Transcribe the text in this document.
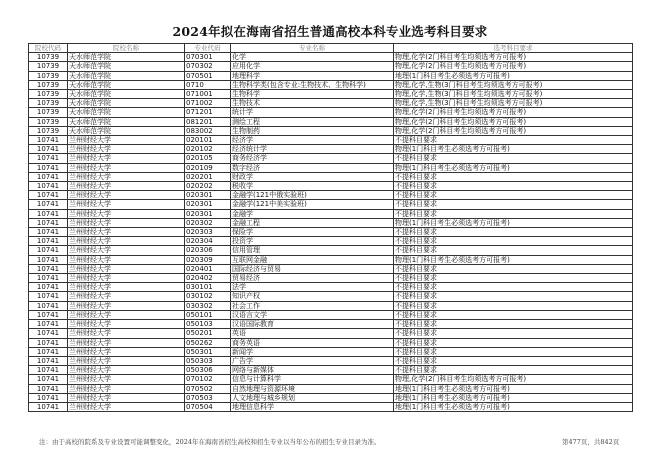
2024年拟在海南省招生普通高校本科专业选考科目要求
院校代码	院校名称	专业代码	专业名称	选考科目要求
10739	天水师范学院	070301	化学	物理,化学(2门科目考生均须选考方可报考)
10739	天水师范学院	070302	应用化学	物理,化学(2门科目考生均须选考方可报考)
10739	天水师范学院	070501	地理科学	地理(1门科目考生必须选考方可报考)
10739	天水师范学院	0710	生物科学类(包含专业:生物技术、生物科学)	物理,化学,生物(3门科目考生均须选考方可报考)
10739	天水师范学院	071001	生物科学	物理,化学,生物(3门科目考生均须选考方可报考)
10739	天水师范学院	071002	生物技术	物理,化学,生物(3门科目考生均须选考方可报考)
10739	天水师范学院	071201	统计学	物理,化学(2门科目考生均须选考方可报考)
10739	天水师范学院	081201	测绘工程	物理,化学(2门科目考生均须选考方可报考)
10739	天水师范学院	083002	生物制药	物理,化学(2门科目考生均须选考方可报考)
10741	兰州财经大学	020101	经济学	不提科目要求
10741	兰州财经大学	020102	经济统计学	物理(1门科目考生必须选考方可报考)
10741	兰州财经大学	020105	商务经济学	不提科目要求
10741	兰州财经大学	020109	数字经济	物理(1门科目考生必须选考方可报考)
10741	兰州财经大学	020201	财政学	不提科目要求
10741	兰州财经大学	020202	税收学	不提科目要求
10741	兰州财经大学	020301	金融学(121中俄实验班)	不提科目要求
10741	兰州财经大学	020301	金融学(121中美实验班)	不提科目要求
10741	兰州财经大学	020301	金融学	不提科目要求
10741	兰州财经大学	020302	金融工程	物理(1门科目考生必须选考方可报考)
10741	兰州财经大学	020303	保险学	不提科目要求
10741	兰州财经大学	020304	投资学	不提科目要求
10741	兰州财经大学	020306	信用管理	不提科目要求
10741	兰州财经大学	020309	互联网金融	物理(1门科目考生必须选考方可报考)
10741	兰州财经大学	020401	国际经济与贸易	不提科目要求
10741	兰州财经大学	020402	贸易经济	不提科目要求
10741	兰州财经大学	030101	法学	不提科目要求
10741	兰州财经大学	030102	知识产权	不提科目要求
10741	兰州财经大学	030302	社会工作	不提科目要求
10741	兰州财经大学	050101	汉语言文学	不提科目要求
10741	兰州财经大学	050103	汉语国际教育	不提科目要求
10741	兰州财经大学	050201	英语	不提科目要求
10741	兰州财经大学	050262	商务英语	不提科目要求
10741	兰州财经大学	050301	新闻学	不提科目要求
10741	兰州财经大学	050303	广告学	不提科目要求
10741	兰州财经大学	050306	网络与新媒体	不提科目要求
10741	兰州财经大学	070102	信息与计算科学	物理,化学(2门科目考生均须选考方可报考)
10741	兰州财经大学	070502	自然地理与资源环境	地理(1门科目考生必须选考方可报考)
10741	兰州财经大学	070503	人文地理与城乡规划	地理(1门科目考生必须选考方可报考)
10741	兰州财经大学	070504	地理信息科学	地理(1门科目考生必须选考方可报考)
注：由于高校的院系及专业设置可能调整变化，2024年在海南省招生高校和招生专业以当年公布的招生专业目录为准。	第477页，共842页
